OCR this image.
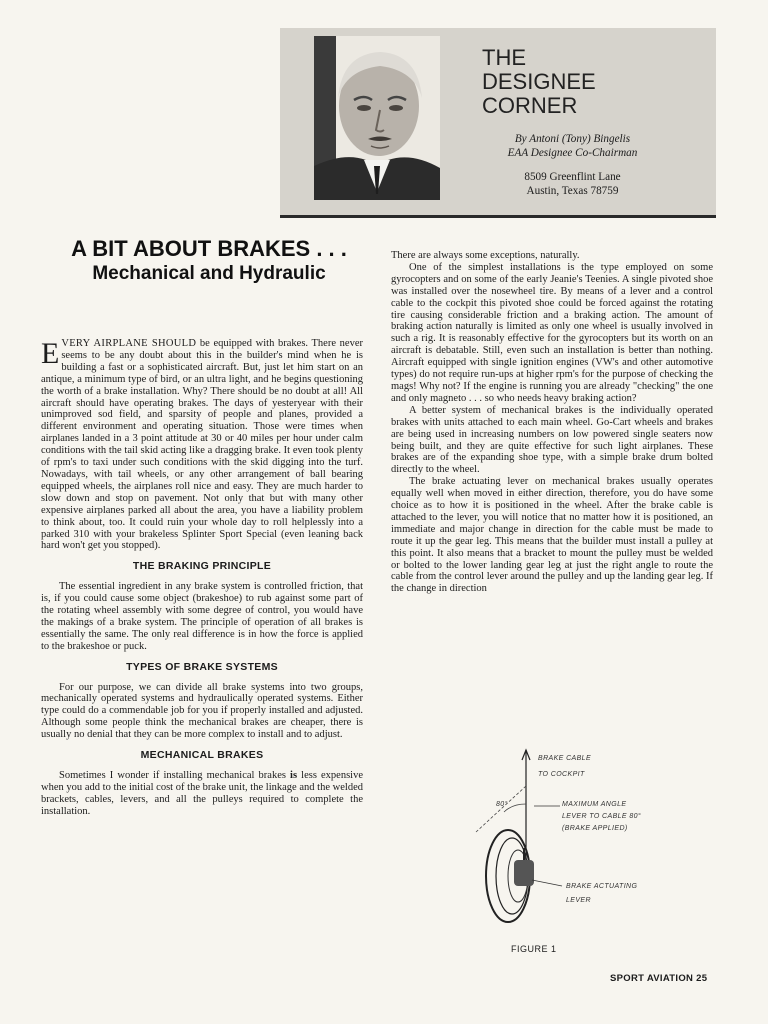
THE
DESIGNEE
CORNER
By Antoni (Tony) Bingelis
EAA Designee Co-Chairman
8509 Greenflint Lane
Austin, Texas 78759
A BIT ABOUT BRAKES . . .
Mechanical and Hydraulic

EVERY AIRPLANE SHOULD be equipped with brakes. There never seems to be any doubt about this in the builder's mind when he is building a fast or a sophisticated aircraft. But, just let him start on an antique, a minimum type of bird, or an ultra light, and he begins questioning the worth of a brake installation. Why? There should be no doubt at all! All aircraft should have operating brakes. The days of yesteryear with their unimproved sod field, and sparsity of people and planes, provided a different environment and operating situation. Those were times when airplanes landed in a 3 point attitude at 30 or 40 miles per hour under calm conditions with the tail skid acting like a dragging brake. It even took plenty of rpm's to taxi under such conditions with the skid digging into the turf. Nowadays, with tail wheels, or any other arrangement of ball bearing equipped wheels, the airplanes roll nice and easy. They are much harder to slow down and stop on pavement. Not only that but with many other expensive airplanes parked all about the area, you have a liability problem to think about, too. It could ruin your whole day to roll helplessly into a parked 310 with your brakeless Splinter Sport Special (even leaning back hard won't get you stopped).

THE BRAKING PRINCIPLE

The essential ingredient in any brake system is controlled friction, that is, if you could cause some object (brakeshoe) to rub against some part of the rotating wheel assembly with some degree of control, you would have the makings of a brake system. The principle of operation of all brakes is essentially the same. The only real difference is in how the force is applied to the brakeshoe or puck.

TYPES OF BRAKE SYSTEMS

For our purpose, we can divide all brake systems into two groups, mechanically operated systems and hydraulically operated systems. Either type could do a commendable job for you if properly installed and adjusted. Although some people think the mechanical brakes are cheaper, there is usually no denial that they can be more complex to install and to adjust.

MECHANICAL BRAKES

Sometimes I wonder if installing mechanical brakes is less expensive when you add to the initial cost of the brake unit, the linkage and the welded brackets, cables, levers, and all the pulleys required to complete the installation.

There are always some exceptions, naturally.

One of the simplest installations is the type employed on some gyrocopters and on some of the early Jeanie's Teenies. A single pivoted shoe was installed over the nosewheel tire. By means of a lever and a control cable to the cockpit this pivoted shoe could be forced against the rotating tire causing considerable friction and a braking action. The amount of braking action naturally is limited as only one wheel is usually involved in such a rig. It is reasonably effective for the gyrocopters but its worth on an aircraft is debatable. Still, even such an installation is better than nothing. Aircraft equipped with single ignition engines (VW's and other automotive types) do not require run-ups at higher rpm's for the purpose of checking the mags! Why not? If the engine is running you are already "checking" the one and only magneto . . . so who needs heavy braking action?

A better system of mechanical brakes is the individually operated brakes with units attached to each main wheel. Go-Cart wheels and brakes are being used in increasing numbers on low powered single seaters now being built, and they are quite effective for such light airplanes. These brakes are of the expanding shoe type, with a simple brake drum bolted directly to the wheel.

The brake actuating lever on mechanical brakes usually operates equally well when moved in either direction, therefore, you do have some choice as to how it is positioned in the wheel. After the brake cable is attached to the lever, you will notice that no matter how it is positioned, an immediate and major change in direction for the cable must be made to route it up the gear leg. This means that the builder must install a pulley at this point. It also means that a bracket to mount the pulley must be welded or bolted to the lower landing gear leg at just the right angle to route the cable from the control lever around the pulley and up the landing gear leg. If the change in direction

BRAKE CABLE
TO COCKPIT
80°	MAXIMUM ANGLE
LEVER TO CABLE 80°
(BRAKE APPLIED)
BRAKE ACTUATING
LEVER
FIGURE 1
SPORT AVIATION 25
